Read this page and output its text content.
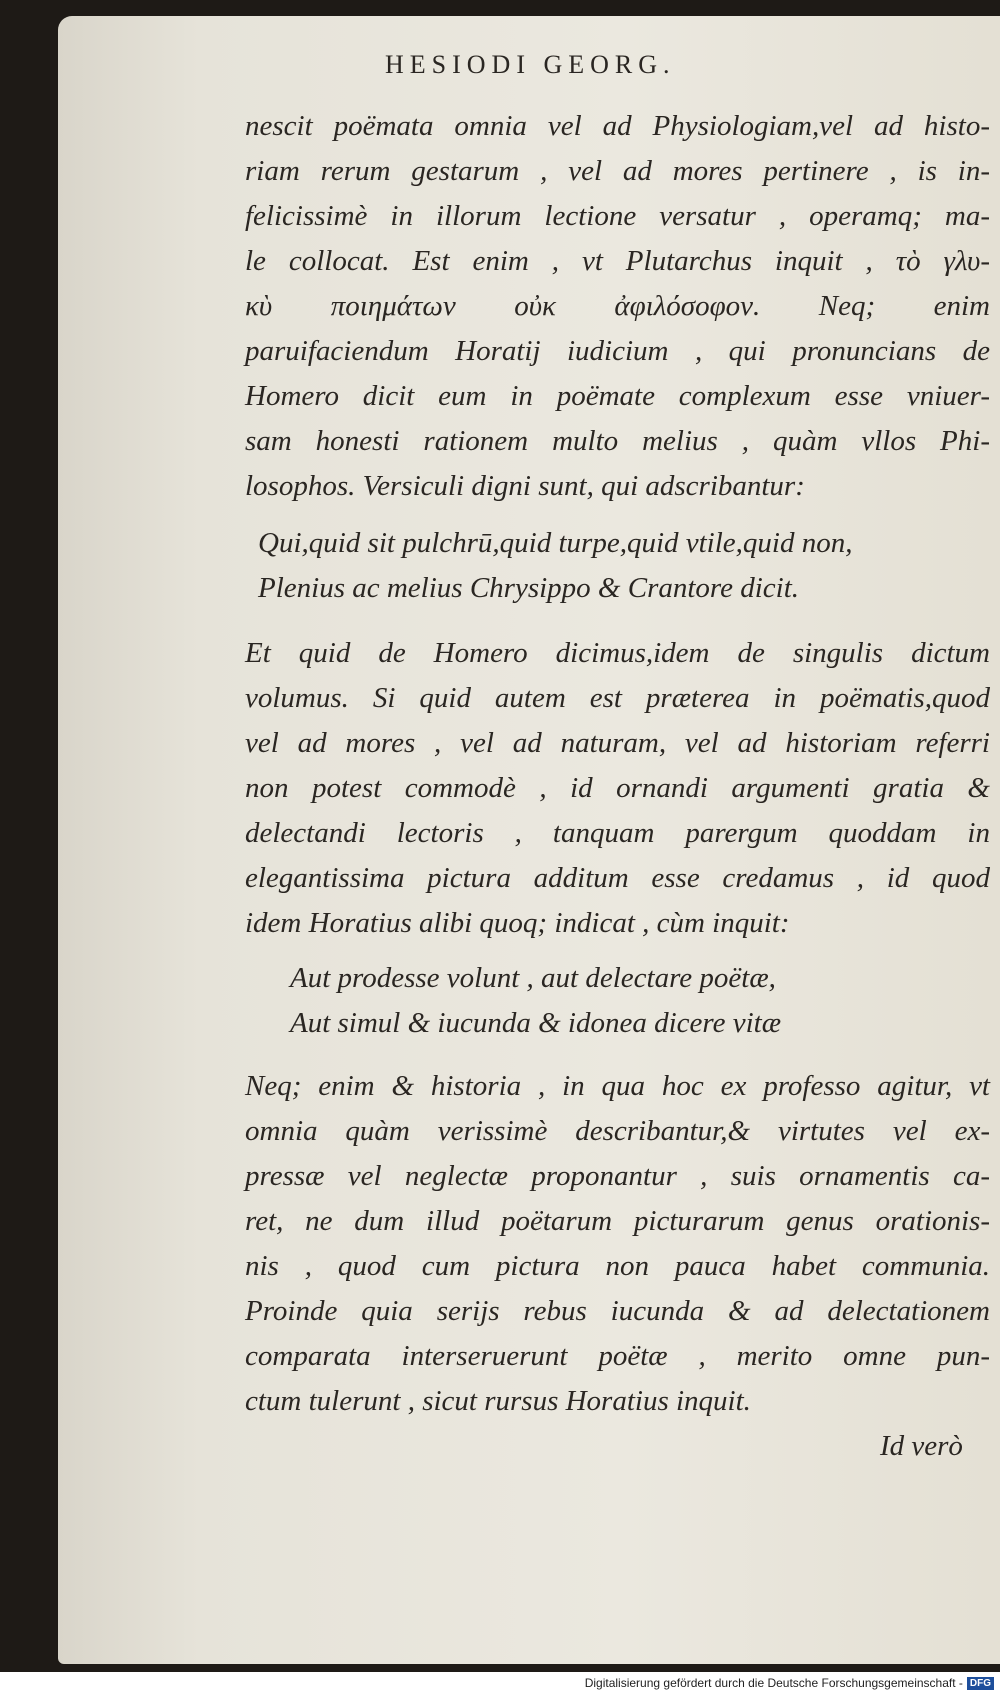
HESIODI GEORG.
nescit poëmata omnia vel ad Physiologiam,vel ad histo-
riam rerum gestarum , vel ad mores pertinere , is in-
felicissimè in illorum lectione versatur , operamq; ma-
le collocat. Est enim , vt Plutarchus inquit , τὸ γλυ-
κὺ ποιημάτων οὐκ ἀφιλόσοφον. Neq; enim
paruifaciendum Horatij iudicium , qui pronuncians de
Homero dicit eum in poëmate complexum esse vniuer-
sam honesti rationem multo melius , quàm vllos Phi-
losophos. Versiculi digni sunt, qui adscribantur:
Qui,quid sit pulchrū,quid turpe,quid vtile,quid non,
Plenius ac melius Chrysippo & Crantore dicit.
Et quid de Homero dicimus,idem de singulis dictum
volumus. Si quid autem est præterea in poëmatis,quod
vel ad mores , vel ad naturam, vel ad historiam referri
non potest commodè , id ornandi argumenti gratia &
delectandi lectoris , tanquam parergum quoddam in
elegantissima pictura additum esse credamus , id quod
idem Horatius alibi quoq; indicat , cùm inquit:
Aut prodesse volunt , aut delectare poëtæ,
Aut simul & iucunda & idonea dicere vitæ
Neq; enim & historia , in qua hoc ex professo agitur, vt
omnia quàm verissimè describantur,& virtutes vel ex-
pressæ vel neglectæ proponantur , suis ornamentis ca-
ret, ne dum illud poëtarum picturarum genus orationis-
nis , quod cum pictura non pauca habet communia.
Proinde quia serijs rebus iucunda & ad delectationem
comparata interseruerunt poëtæ , merito omne pun-
ctum tulerunt , sicut rursus Horatius inquit.
Id verò
Digitalisierung gefördert durch die Deutsche Forschungsgemeinschaft - DFG
